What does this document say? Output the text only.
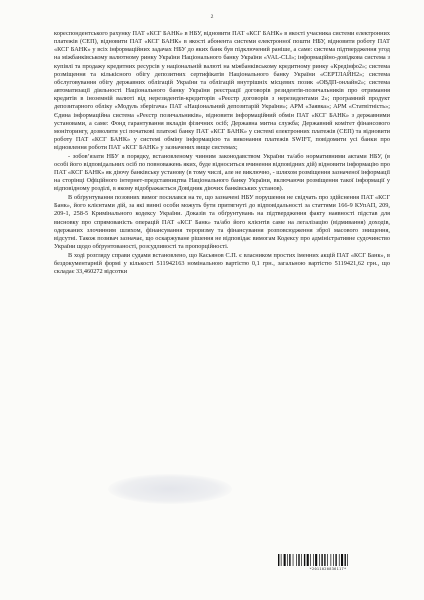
2

кореспондентського рахунку ПАТ «КСГ БАНК» в НБУ, відновити ПАТ «КСГ БАНК» в якості учасника системи електронних платежів (СЕП), відновити ПАТ «КСГ БАНК» в якості абонента системи електронної пошти НБУ, відновити роботу ПАТ «КСГ БАНК» у всіх інформаційних задачах НБУ до яких банк був підключений раніше, а саме: система підтвердження угод на міжбанківському валютному ринку України Національного банку України «VAL-CLI»; інформаційно-довідкова система з купівлі та продажу кредитних ресурсів у національній валюті на міжбанківському кредитному ринку «Кредінфо2»; система розміщення та кількісного обігу депозитних сертифікатів Національного банку України «СЕРТЛАЙН2»; система обслуговування обігу державних облігацій України та облігацій внутрішніх місцевих позик «ОВДП-онлайн2»; система автоматизації діяльності Національного банку України реєстрації договорів резидентів-позичальників про отримання кредитів в іноземній валюті від нерезидентів-кредиторів «Реєстр договорів з нерезидентами 2»; програмний продукт депозитарного обліку «Модуль зберігача» ПАТ «Національний депозитарій України»; АРМ «Заявка»; АРМ «Статвітність»; Єдина інформаційна система «Реєстр позичальників», відновити інформаційний обмін ПАТ «КСГ БАНК» з державними установами, а саме: Фонд гарантування вкладів фізичних осіб; Державна митна служба; Державний комітет фінансового моніторингу, дозволити усі початкові платежі банку ПАТ «КСГ БАНК» у системі електронних платежів (СЕП) та відновити роботу ПАТ «КСГ БАНК» у системі обміну інформацією та виконання платежів SWIFT, повідомити усі банки про відновлення роботи ПАТ «КСГ БАНК» у зазначених вище системах;

- зобов’язати НБУ в порядку, встановленому чинним законодавством України та/або нормативними актами НБУ, (в особі його відповідальних осіб по повноважень яких, буде відноситься вчинення відповідних дій) відновити інформацію про ПАТ «КСГ БАНК» як діючу банківську установу (в тому числі, але не виключно, - шляхом розміщення зазначеної інформації на сторінці Офіційного інтернет-представництва Національного банку України, включаючи розміщення такої інформації у відповідному розділі, в якому відображається Довідник діючих банківських установ).

В обґрунтування позовних вимог посилався на те, що зазначені НБУ порушення не свідчать про здійснення ПАТ «КСГ Банк», його клієнтами дій, за які винні особи можуть бути притягнуті до відповідальності за статтями 166-9 КУпАП, 209, 209-1, 258-5 Кримінального кодексу України. Доказів та обґрунтувань на підтвердження факту наявності підстав для висновку про спрямованість операцій ПАТ «КСГ Банк» та/або його клієнтів саме на легалізацію (відмивання) доходів, одержаних злочинним шляхом, фінансування тероризму та фінансування розповсюдження зброї масового знищення, відсутні. Також позивач зазначає, що оскаржуване рішення не відповідає вимогам Кодексу про адміністративне судочинство України щодо обґрунтованості, розсудливості та пропорційності.

В ході розгляду справи судами встановлено, що Касьянов С.П. є власником простих іменних акцій ПАТ «КСГ Банк», в бездокументарній формі у кількості 511942163 номінальною вартістю 0,1 грн., загальною вартістю 5119421,62 грн., що складає 33,460272 відсотки

*2011020836117*
